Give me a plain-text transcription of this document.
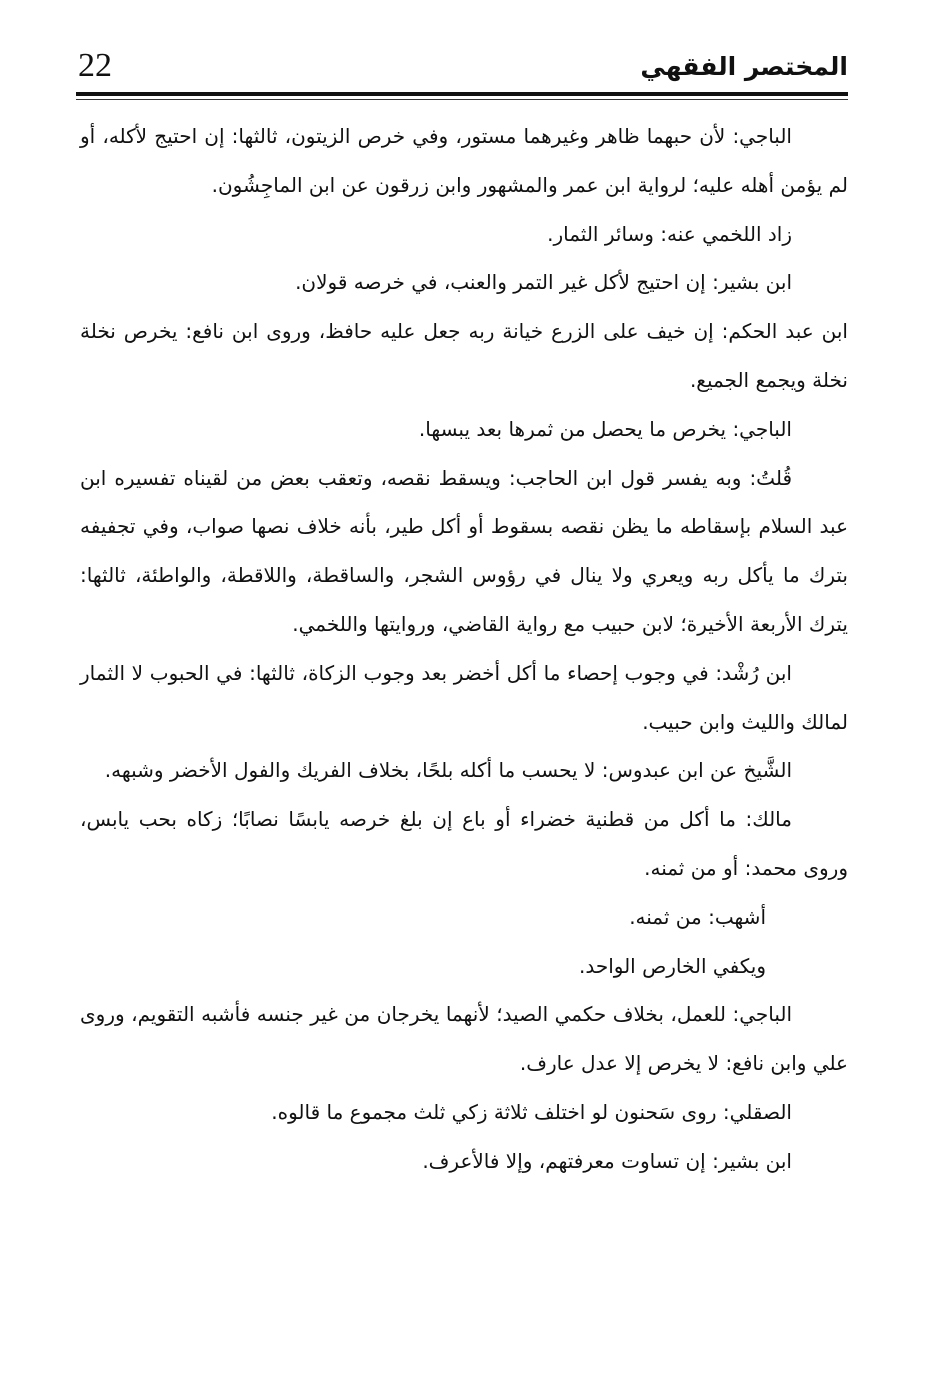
22	المختصر الفقهي

الباجي: لأن حبهما ظاهر وغيرهما مستور، وفي خرص الزيتون، ثالثها: إن احتيج لأكله، أو لم يؤمن أهله عليه؛ لرواية ابن عمر والمشهور وابن زرقون عن ابن الماجِشُون.

زاد اللخمي عنه: وسائر الثمار.

ابن بشير: إن احتيج لأكل غير التمر والعنب، في خرصه قولان.

ابن عبد الحكم: إن خيف على الزرع خيانة ربه جعل عليه حافظ، وروى ابن نافع: يخرص نخلة نخلة ويجمع الجميع.

الباجي: يخرص ما يحصل من ثمرها بعد يبسها.

قُلتُ: وبه يفسر قول ابن الحاجب: ويسقط نقصه، وتعقب بعض من لقيناه تفسيره ابن عبد السلام بإسقاطه ما يظن نقصه بسقوط أو أكل طير، بأنه خلاف نصها صواب، وفي تجفيفه بترك ما يأكل ربه ويعري ولا ينال في رؤوس الشجر، والساقطة، واللاقطة، والواطئة، ثالثها: يترك الأربعة الأخيرة؛ لابن حبيب مع رواية القاضي، وروايتها واللخمي.

ابن رُشْد: في وجوب إحصاء ما أكل أخضر بعد وجوب الزكاة، ثالثها: في الحبوب لا الثمار لمالك والليث وابن حبيب.

الشَّيخ عن ابن عبدوس: لا يحسب ما أكله بلحًا، بخلاف الفريك والفول الأخضر وشبهه.

مالك: ما أكل من قطنية خضراء أو باع إن بلغ خرصه يابسًا نصابًا؛ زكاه بحب يابس، وروى محمد: أو من ثمنه.

أشهب: من ثمنه.

ويكفي الخارص الواحد.

الباجي: للعمل، بخلاف حكمي الصيد؛ لأنهما يخرجان من غير جنسه فأشبه التقويم، وروى علي وابن نافع: لا يخرص إلا عدل عارف.

الصقلي: روى سَحنون لو اختلف ثلاثة زكي ثلث مجموع ما قالوه.

ابن بشير: إن تساوت معرفتهم، وإلا فالأعرف.
